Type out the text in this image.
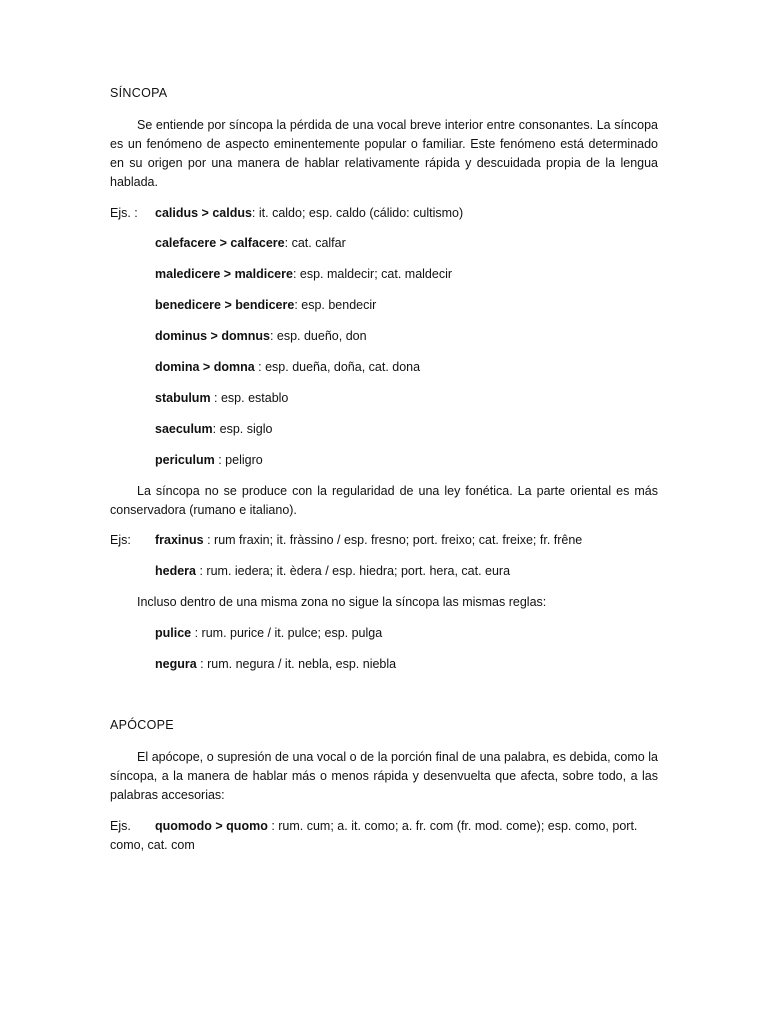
SÍNCOPA
Se entiende por síncopa la pérdida de una vocal breve interior entre consonantes. La síncopa es un fenómeno de aspecto eminentemente popular o familiar. Este fenómeno está determinado en su origen por una manera de hablar relativamente rápida y descuidada propia de la lengua hablada.
Ejs. : calidus > caldus: it. caldo; esp. caldo (cálido: cultismo)
calefacere > calfacere: cat. calfar
maledicere > maldicere: esp. maldecir; cat. maldecir
benedicere > bendicere: esp. bendecir
dominus > domnus: esp. dueño, don
domina > domna : esp. dueña, doña, cat. dona
stabulum : esp. establo
saeculum: esp. siglo
periculum : peligro
La síncopa no se produce con la regularidad de una ley fonética. La parte oriental es más conservadora (rumano e italiano).
Ejs: fraxinus : rum fraxin; it. fràssino / esp. fresno; port. freixo; cat. freixe; fr. frêne
hedera : rum. iedera; it. èdera / esp. hiedra; port. hera, cat. eura
Incluso dentro de una misma zona no sigue la síncopa las mismas reglas:
pulice : rum. purice / it. pulce; esp. pulga
negura : rum. negura / it. nebla, esp. niebla
APÓCOPE
El apócope, o supresión de una vocal o de la porción final de una palabra, es debida, como la síncopa, a la manera de hablar más o menos rápida y desenvuelta que afecta, sobre todo, a las palabras accesorias:
Ejs. quomodo > quomo : rum. cum; a. it. como; a. fr. com (fr. mod. come); esp. como, port. como, cat. com
